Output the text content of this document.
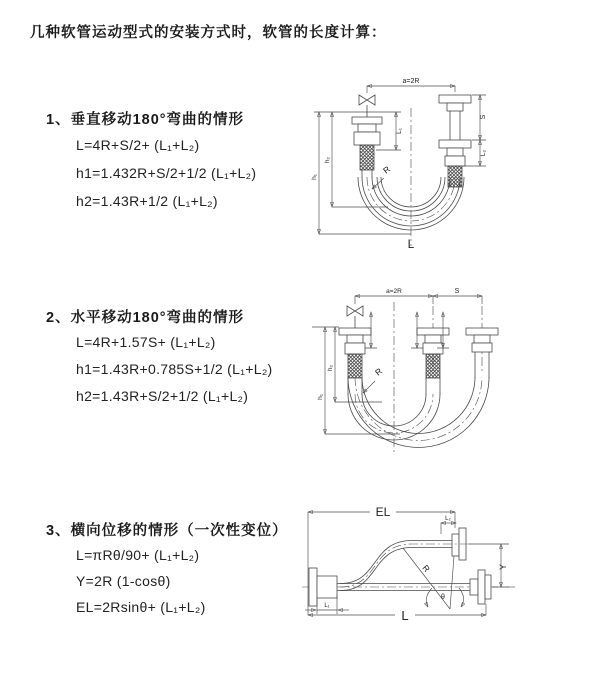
几种软管运动型式的安装方式时，软管的长度计算：
1、垂直移动180°弯曲的情形
L=4R+S/2+ (L₁+L₂)
h1=1.432R+S/2+1/2 (L₁+L₂)
h2=1.43R+1/2 (L₁+L₂)
2、水平移动180°弯曲的情形
L=4R+1.57S+ (L₁+L₂)
h1=1.43R+0.785S+1/2 (L₁+L₂)
h2=1.43R+S/2+1/2 (L₁+L₂)
3、横向位移的情形（一次性变位）
L=πRθ/90+ (L₁+L₂)
Y=2R (1-cosθ)
EL=2Rsinθ+ (L₁+L₂)
a=2R
L₁
h₂
h₁
S
L₂
R
L
a=2R	S
h₂
h₁
R
EL	L₂
L₁
L
Y
R
θ
